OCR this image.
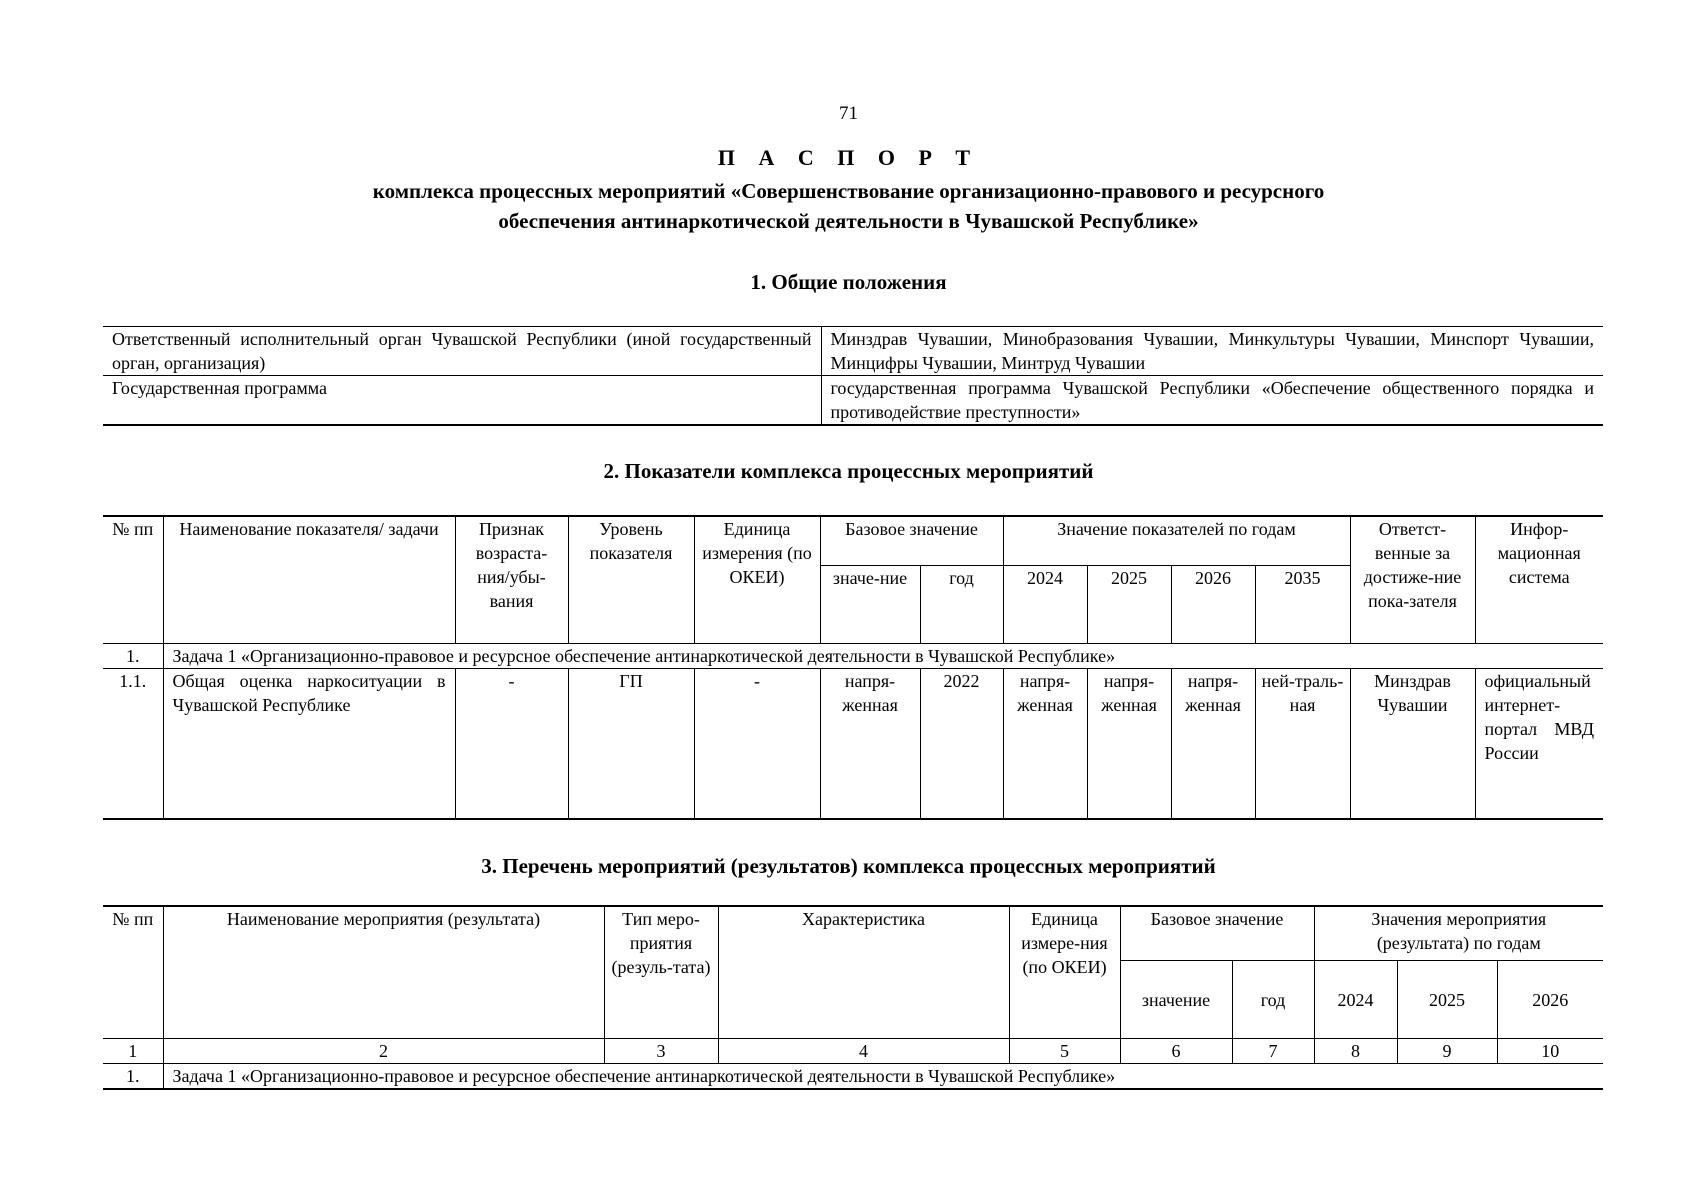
71
П А С П О Р Т
комплекса процессных мероприятий «Совершенствование организационно-правового и ресурсного
обеспечения антинаркотической деятельности в Чувашской Республике»
1. Общие положения
Ответственный исполнительный орган Чувашской Республики (иной государственный орган, организация)	Минздрав Чувашии, Минобразования Чувашии, Минкультуры Чувашии, Минспорт Чувашии, Минцифры Чувашии, Минтруд Чувашии
Государственная программа	государственная программа Чувашской Республики «Обеспечение общественного порядка и противодействие преступности»
2. Показатели комплекса процессных мероприятий
№ пп	Наименование показателя/ задачи	Признак возраста-ния/убы-вания	Уровень показателя	Единица измерения (по ОКЕИ)	Базовое значение		Значение показателей по годам				Ответст-венные за достиже-ние пока-зателя	Инфор-мационная система
					значе-ние	год	2024	2025	2026	2035		
1.	Задача 1 «Организационно-правовое и ресурсное обеспечение антинаркотической деятельности в Чувашской Республике»											
1.1.	Общая оценка наркоситуации в Чувашской Республике	-	ГП	-	напря-женная	2022	напря-женная	напря-женная	напря-женная	ней-траль-ная	Минздрав Чувашии	официальный интернет-портал МВД России
3. Перечень мероприятий (результатов) комплекса процессных мероприятий
№ пп	Наименование мероприятия (результата)	Тип меро-приятия (резуль-тата)	Характеристика	Единица измере-ния (по ОКЕИ)	Базовое значение		Значения мероприятия (результата) по годам		
					значение	год	2024	2025	2026
1	2	3	4	5	6	7	8	9	10
1.	Задача 1 «Организационно-правовое и ресурсное обеспечение антинаркотической деятельности в Чувашской Республике»								
